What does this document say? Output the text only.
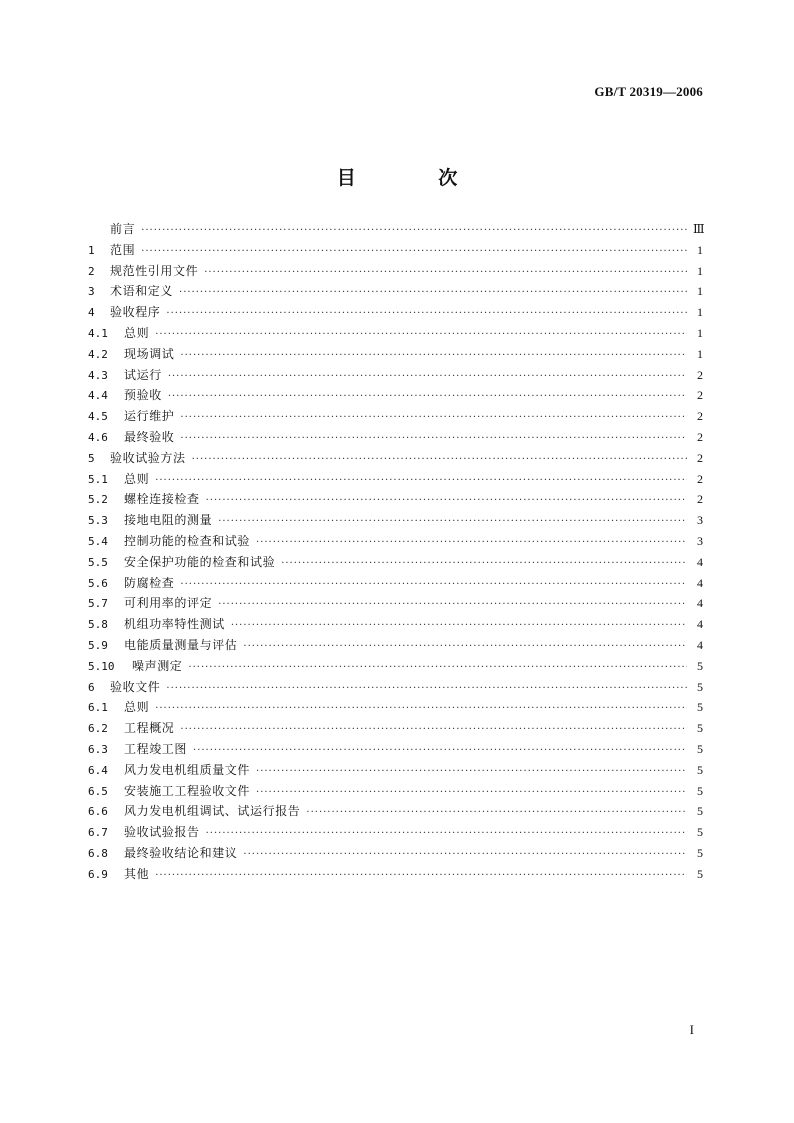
GB/T 20319—2006
目 次
前言 ·····	Ⅲ
1	范围 ·····	1
2	规范性引用文件 ·····	1
3	术语和定义 ·····	1
4	验收程序 ·····	1
4.1	总则 ·····	1
4.2	现场调试 ·····	1
4.3	试运行 ·····	2
4.4	预验收 ·····	2
4.5	运行维护 ·····	2
4.6	最终验收 ·····	2
5	验收试验方法 ·····	2
5.1	总则 ·····	2
5.2	螺栓连接检查 ·····	2
5.3	接地电阻的测量 ·····	3
5.4	控制功能的检查和试验 ·····	3
5.5	安全保护功能的检查和试验 ·····	4
5.6	防腐检查 ·····	4
5.7	可利用率的评定 ·····	4
5.8	机组功率特性测试 ·····	4
5.9	电能质量测量与评估 ·····	4
5.10	噪声测定 ·····	5
6	验收文件 ·····	5
6.1	总则 ·····	5
6.2	工程概况 ·····	5
6.3	工程竣工图 ·····	5
6.4	风力发电机组质量文件 ·····	5
6.5	安装施工工程验收文件 ·····	5
6.6	风力发电机组调试、试运行报告 ·····	5
6.7	验收试验报告 ·····	5
6.8	最终验收结论和建议 ·····	5
6.9	其他 ·····	5
I
